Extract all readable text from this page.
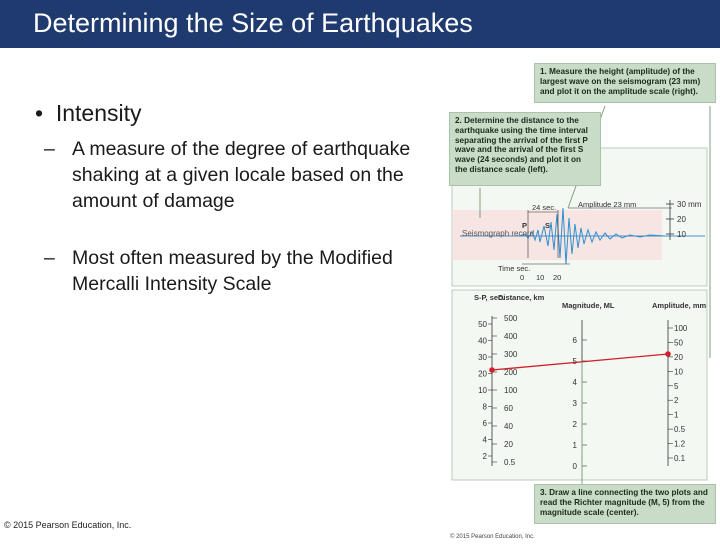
Determining the Size of Earthquakes
• Intensity
– A measure of the degree of earthquake shaking at a given locale based on the amount of damage
– Most often measured by the Modified Mercalli Intensity Scale
© 2015 Pearson Education, Inc.
30 mm
20
10
Seismograph record
24 sec.	Amplitude 23 mm
P S
Time sec.
0 10 20
S-P, sec.
Distance, km
Magnitude, ML	Amplitude, mm
50
40
30
20
10
8
6
4
2
500
400
300
200
100
60
40
20
0.5
6
5
4
3
2
1
0
100
50
20
10
5
2
1
0.5
1.2
0.1
© 2015 Pearson Education, Inc.
1. Measure the height (amplitude) of the largest wave on the seismogram (23 mm) and plot it on the amplitude scale (right).
2. Determine the distance to the earthquake using the time interval separating the arrival of the first P wave and the arrival of the first S wave (24 seconds) and plot it on the distance scale (left).
3. Draw a line connecting the two plots and read the Richter magnitude (M, 5) from the magnitude scale (center).
